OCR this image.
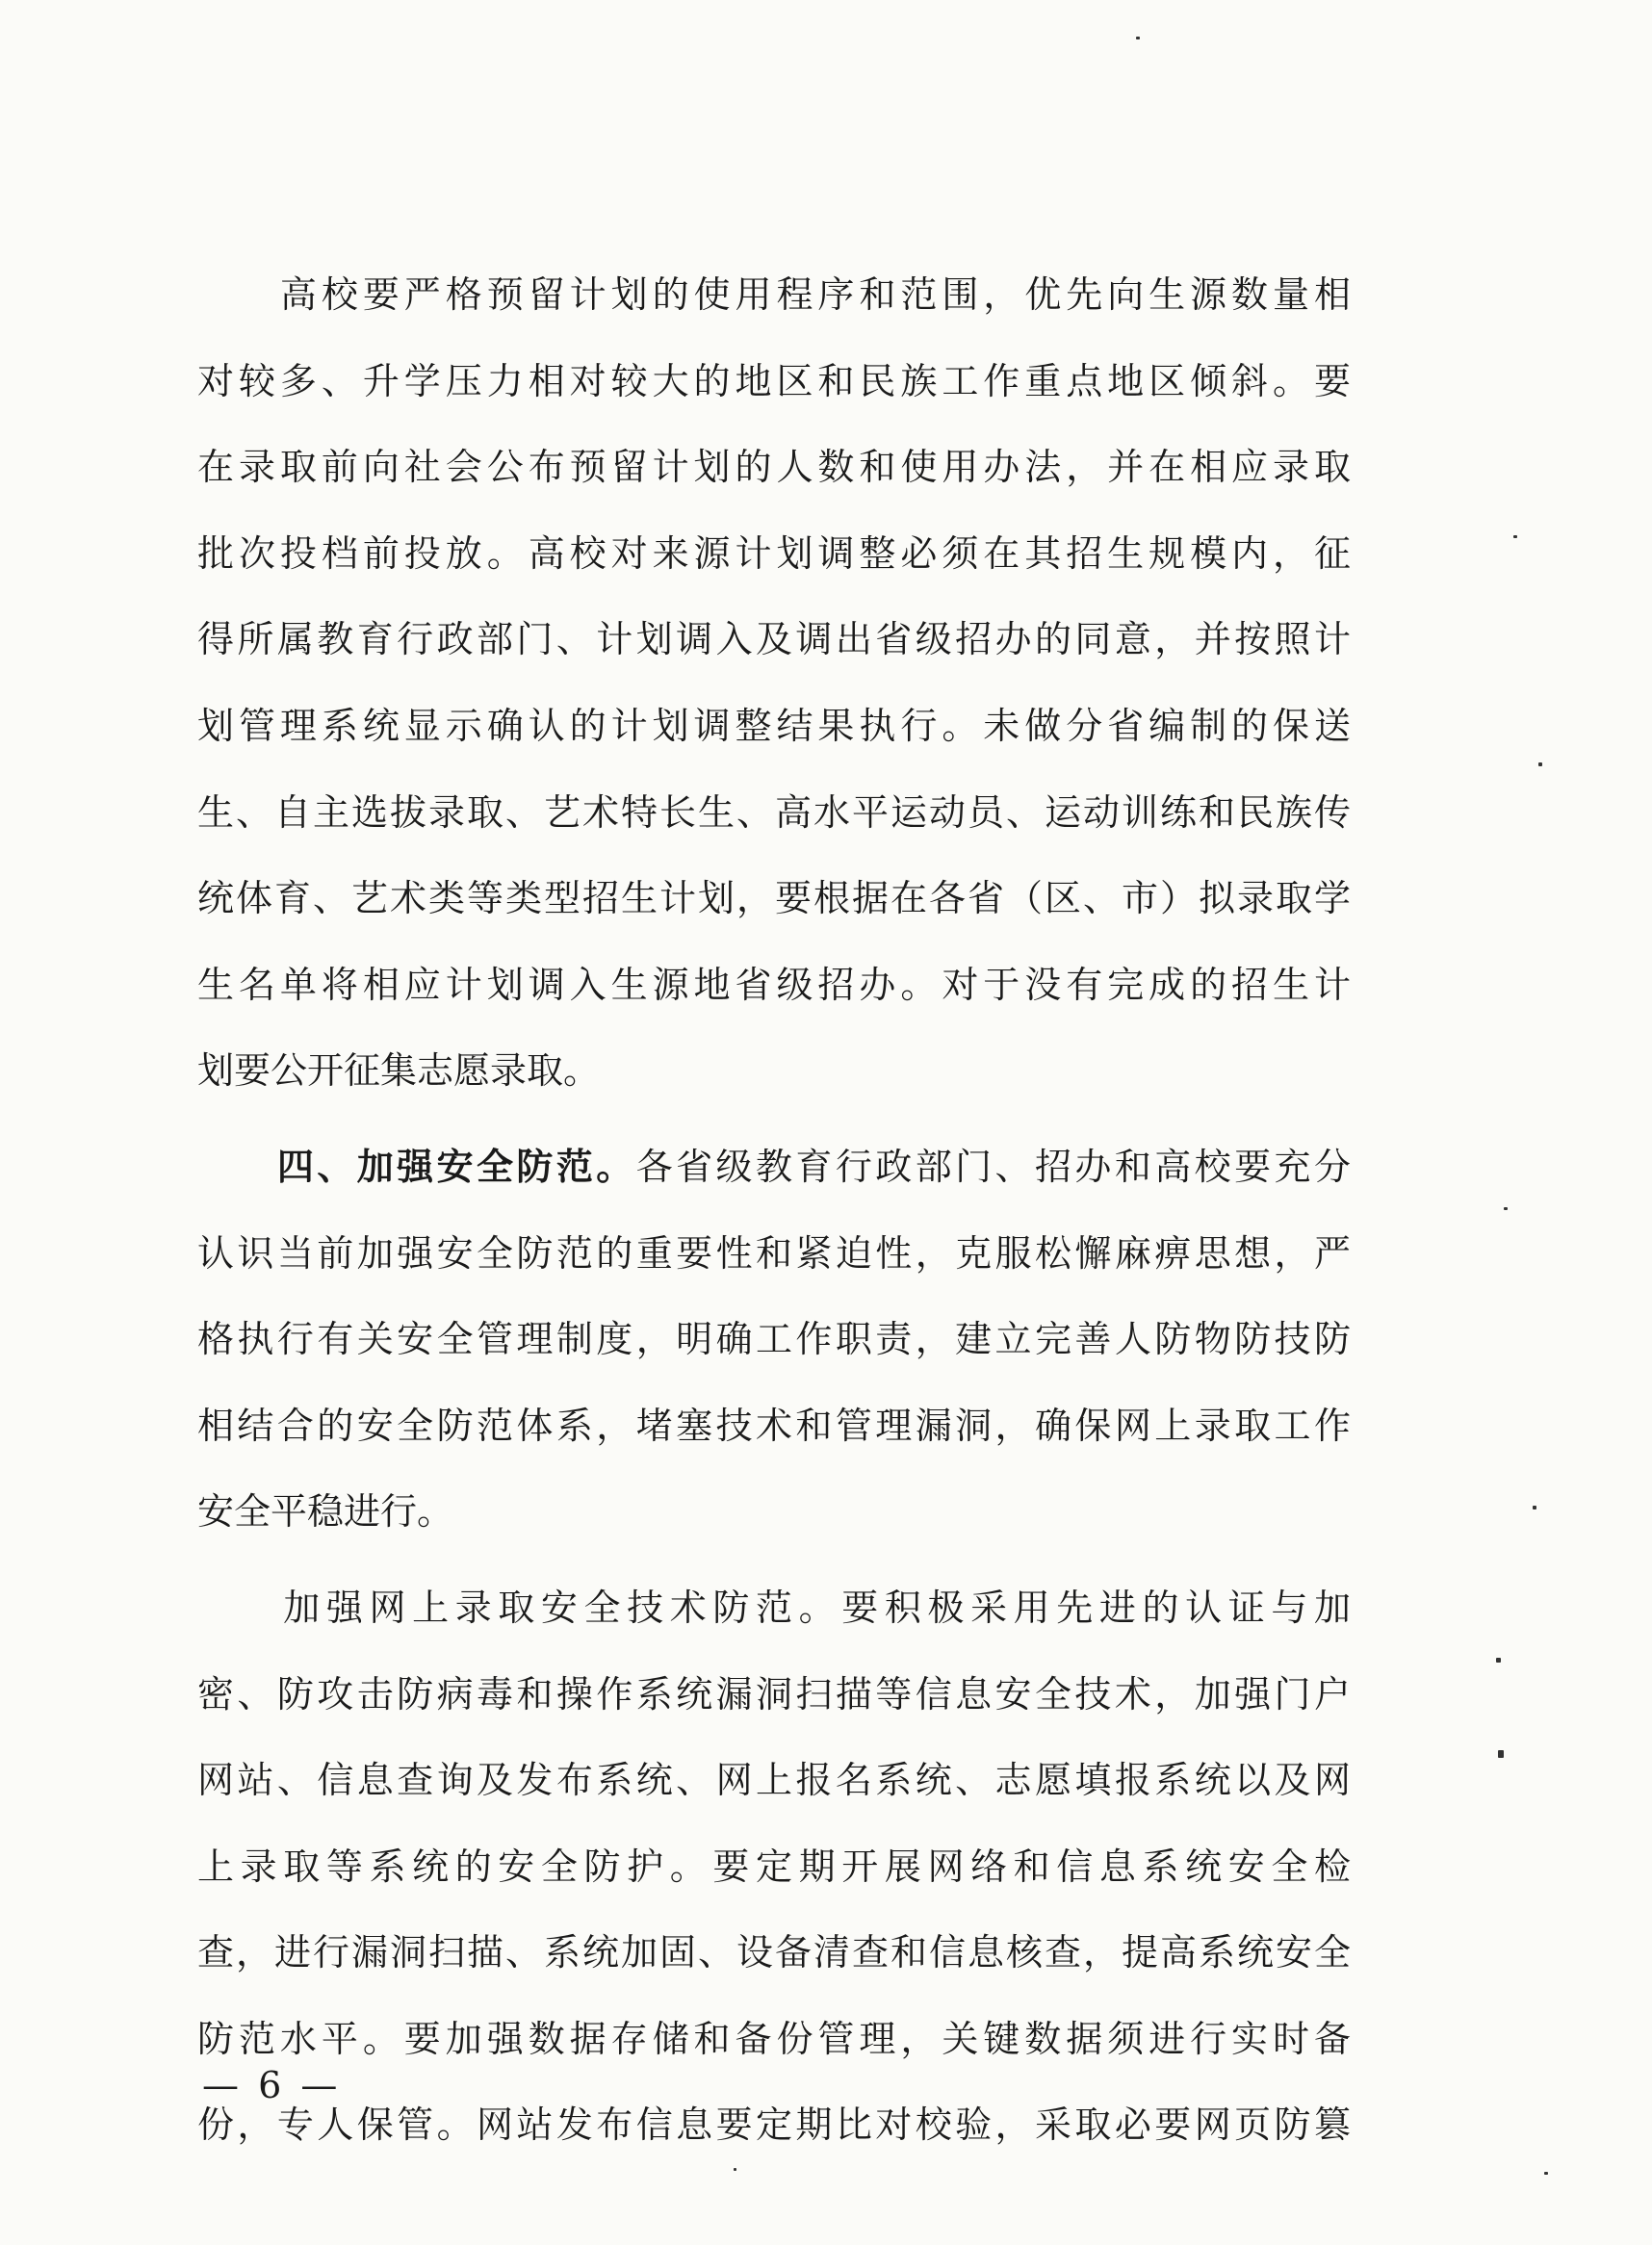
　　高校要严格预留计划的使用程序和范围，优先向生源数量相
对较多、升学压力相对较大的地区和民族工作重点地区倾斜。要
在录取前向社会公布预留计划的人数和使用办法，并在相应录取
批次投档前投放。高校对来源计划调整必须在其招生规模内，征
得所属教育行政部门、计划调入及调出省级招办的同意，并按照计
划管理系统显示确认的计划调整结果执行。未做分省编制的保送
生、自主选拔录取、艺术特长生、高水平运动员、运动训练和民族传
统体育、艺术类等类型招生计划，要根据在各省（区、市）拟录取学
生名单将相应计划调入生源地省级招办。对于没有完成的招生计
划要公开征集志愿录取。
　　四、加强安全防范。各省级教育行政部门、招办和高校要充分
认识当前加强安全防范的重要性和紧迫性，克服松懈麻痹思想，严
格执行有关安全管理制度，明确工作职责，建立完善人防物防技防
相结合的安全防范体系，堵塞技术和管理漏洞，确保网上录取工作
安全平稳进行。
　　加强网上录取安全技术防范。要积极采用先进的认证与加
密、防攻击防病毒和操作系统漏洞扫描等信息安全技术，加强门户
网站、信息查询及发布系统、网上报名系统、志愿填报系统以及网
上录取等系统的安全防护。要定期开展网络和信息系统安全检
查，进行漏洞扫描、系统加固、设备清查和信息核查，提高系统安全
防范水平。要加强数据存储和备份管理，关键数据须进行实时备
份，专人保管。网站发布信息要定期比对校验，采取必要网页防篡
— 6 —
